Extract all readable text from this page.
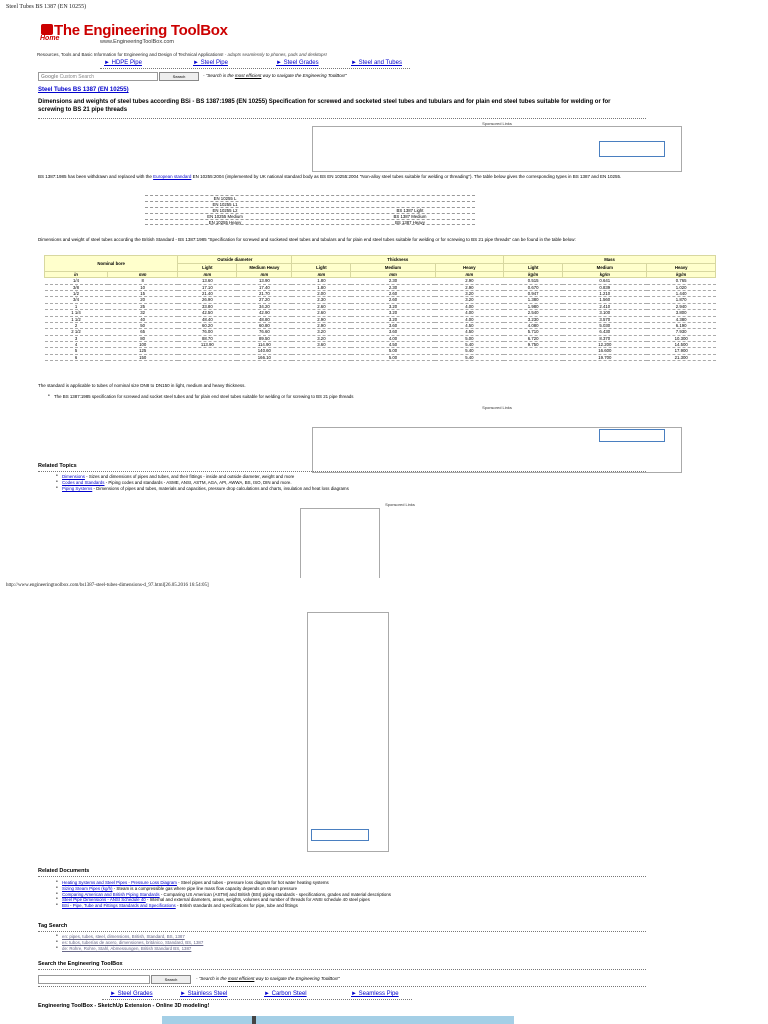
Steel Tubes BS 1387 (EN 10255)
The Engineering ToolBox
Home	www.EngineeringToolBox.com
Resources, Tools and Basic Information for Engineering and Design of Technical Applications! - adapts seamlessly to phones, pads and desktops!
► HDPE Pipe	► Steel Pipe	► Steel Grades	► Steel and Tubes
Google Custom Search	Search	- "Search is the most efficient way to navigate the Engineering ToolBox!"
Steel Tubes BS 1387 (EN 10255)
Dimensions and weights of steel tubes according BSi - BS 1387:1985 (EN 10255) Specification for screwed and socketed steel tubes and tubulars and for plain end steel tubes suitable for welding or for screwing to BS 21 pipe threads
Sponsored Links
BS 1387:1985 has been withdrawn and replaced with the European standard EN 10255:2004 (implemented by UK national standard body as BS EN 10255:2004 "Non-alloy steel tubes suitable for welding or threading"). The table below gives the corresponding types in BS 1387 and EN 10255.
EN 10255 L
EN 10255 L1
EN 10255 L2	BS 1387 Light
EN 10255 Medium	BS 1387 Medium
EN 10255 Heavy	BS 1387 Heavy
Dimensions and weight of steel tubes according the British Standard - BS 1387:1985 "Specification for screwed and socketed steel tubes and tubulars and for plain end steel tubes suitable for welding or for screwing to BS 21 pipe threads" can be found in the table below:
Nominal bore		Outside diameter		Thickness			Mass		
		Light	Medium Heavy	Light	Medium	Heavy	Light	Medium	Heavy
in	mm	mm	mm	mm	mm	mm	kg/m	kg/m	kg/m
1/4	8	13.60	13.90	1.80	2.30	2.90	0.515	0.641	0.765
3/8	10	17.10	17.40	1.80	2.30	2.90	0.670	0.839	1.020
1/2	15	21.40	21.70	2.00	2.60	3.20	0.947	1.210	1.440
3/4	20	26.90	27.20	2.30	2.60	3.20	1.380	1.560	1.870
1	25	33.80	34.20	2.60	3.20	4.00	1.980	2.410	2.940
1 1/4	32	42.50	42.90	2.60	3.20	4.00	2.540	3.100	3.800
1 1/2	40	48.40	48.80	2.90	3.20	4.00	3.230	3.570	4.380
2	50	60.20	60.80	2.90	3.60	4.50	4.080	5.030	6.190
2 1/2	65	76.00	76.60	3.20	3.60	4.50	5.710	6.430	7.930
3	80	88.70	89.50	3.20	4.00	5.00	6.720	8.370	10.300
4	100	113.90	114.90	3.60	4.50	5.40	9.750	12.200	14.500
5	125		140.60		5.00	5.40		16.600	17.900
6	150		166.10		5.00	5.40		19.700	21.300
The standard is applicable to tubes of nominal size DN8 to DN150 in light, medium and heavy thickness.
● The BS 1387:1985 specification for screwed and socket steel tubes and for plain end steel tubes suitable for welding or for screwing to BS 21 pipe threads
Sponsored Links
Related Topics
● Dimensions - Sizes and dimensions of pipes and tubes, and their fittings - inside and outside diameter, weight and more
● Codes and Standards - Piping codes and standards - ASME, ANSI, ASTM, AGA, API, AWWA, BS, ISO, DIN and more.
● Piping Systems - Dimensions of pipes and tubes, materials and capacities, pressure drop calculations and charts, insulation and heat loss diagrams
Sponsored Links
http://www.engineeringtoolbox.com/bs1387-steel-tubes-dimensions-d_97.html[26.05.2016 16:54:05]
Related Documents
● Heating Systems and Steel Pipes - Pressure Loss Diagram - Steel pipes and tubes - pressure loss diagram for hot water heating systems
● Sizing Steam Pipes (kg/h) - Steam is a compressible gas where pipe line mass flow capacity depends on steam pressure
● Comparing American and British Piping Standards - Comparing US American (ASTM) and British (BSI) piping standards - specifications, grades and material descriptions
● Steel Pipe Dimensions - ANSI Schedule 40 - Internal and external diameters, areas, weights, volumes and number of threads for ANSI schedule 40 steel pipes
● BSi - Pipe, Tube and Fittings Standards and Specifications - British standards and specifications for pipe, tube and fittings
Tag Search
● en: pipes, tubes, steel, dimensions, British, Standard, BS, 1387
● es: tubos, tuberías de acero, dimensiones, británico, Standard, BS, 1387
● de: Rohre, Rohre, Stahl, Abmessungen, British Standard BS, 1387
Search the Engineering ToolBox
Search	- "Search is the most efficient way to navigate the Engineering ToolBox!"
► Steel Grades	► Stainless Steel	► Carbon Steel	► Seamless Pipe
Engineering ToolBox - SketchUp Extension - Online 3D modeling!
